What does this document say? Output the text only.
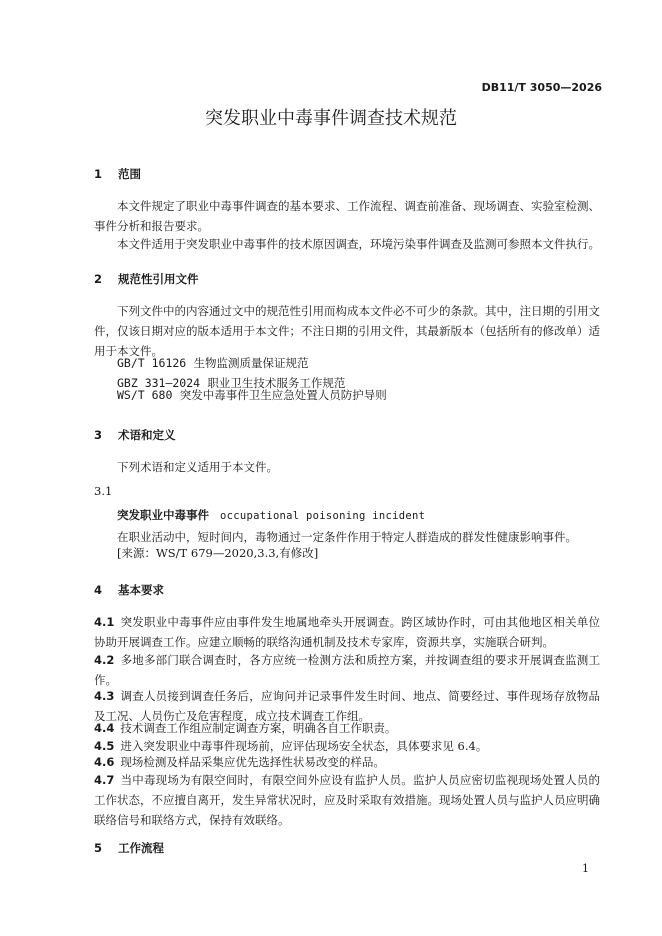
DB11/T 3050—2026
突发职业中毒事件调查技术规范
1 范围
本文件规定了职业中毒事件调查的基本要求、工作流程、调查前准备、现场调查、实验室检测、事件分析和报告要求。
本文件适用于突发职业中毒事件的技术原因调查，环境污染事件调查及监测可参照本文件执行。
2 规范性引用文件
下列文件中的内容通过文中的规范性引用而构成本文件必不可少的条款。其中，注日期的引用文件，仅该日期对应的版本适用于本文件；不注日期的引用文件，其最新版本（包括所有的修改单）适用于本文件。
GB/T 16126 生物监测质量保证规范
GBZ 331—2024 职业卫生技术服务工作规范
WS/T 680 突发中毒事件卫生应急处置人员防护导则
3 术语和定义
下列术语和定义适用于本文件。
3.1
突发职业中毒事件 occupational poisoning incident
在职业活动中，短时间内，毒物通过一定条件作用于特定人群造成的群发性健康影响事件。
[来源：WS/T 679—2020,3.3,有修改]
4 基本要求
4.1 突发职业中毒事件应由事件发生地属地牵头开展调查。跨区域协作时，可由其他地区相关单位协助开展调查工作。应建立顺畅的联络沟通机制及技术专家库，资源共享，实施联合研判。
4.2 多地多部门联合调查时，各方应统一检测方法和质控方案，并按调查组的要求开展调查监测工作。
4.3 调查人员接到调查任务后，应询问并记录事件发生时间、地点、简要经过、事件现场存放物品及工况、人员伤亡及危害程度，成立技术调查工作组。
4.4 技术调查工作组应制定调查方案，明确各自工作职责。
4.5 进入突发职业中毒事件现场前，应评估现场安全状态，具体要求见 6.4。
4.6 现场检测及样品采集应优先选择性状易改变的样品。
4.7 当中毒现场为有限空间时，有限空间外应设有监护人员。监护人员应密切监视现场处置人员的工作状态，不应擅自离开，发生异常状况时，应及时采取有效措施。现场处置人员与监护人员应明确联络信号和联络方式，保持有效联络。
5 工作流程
1
